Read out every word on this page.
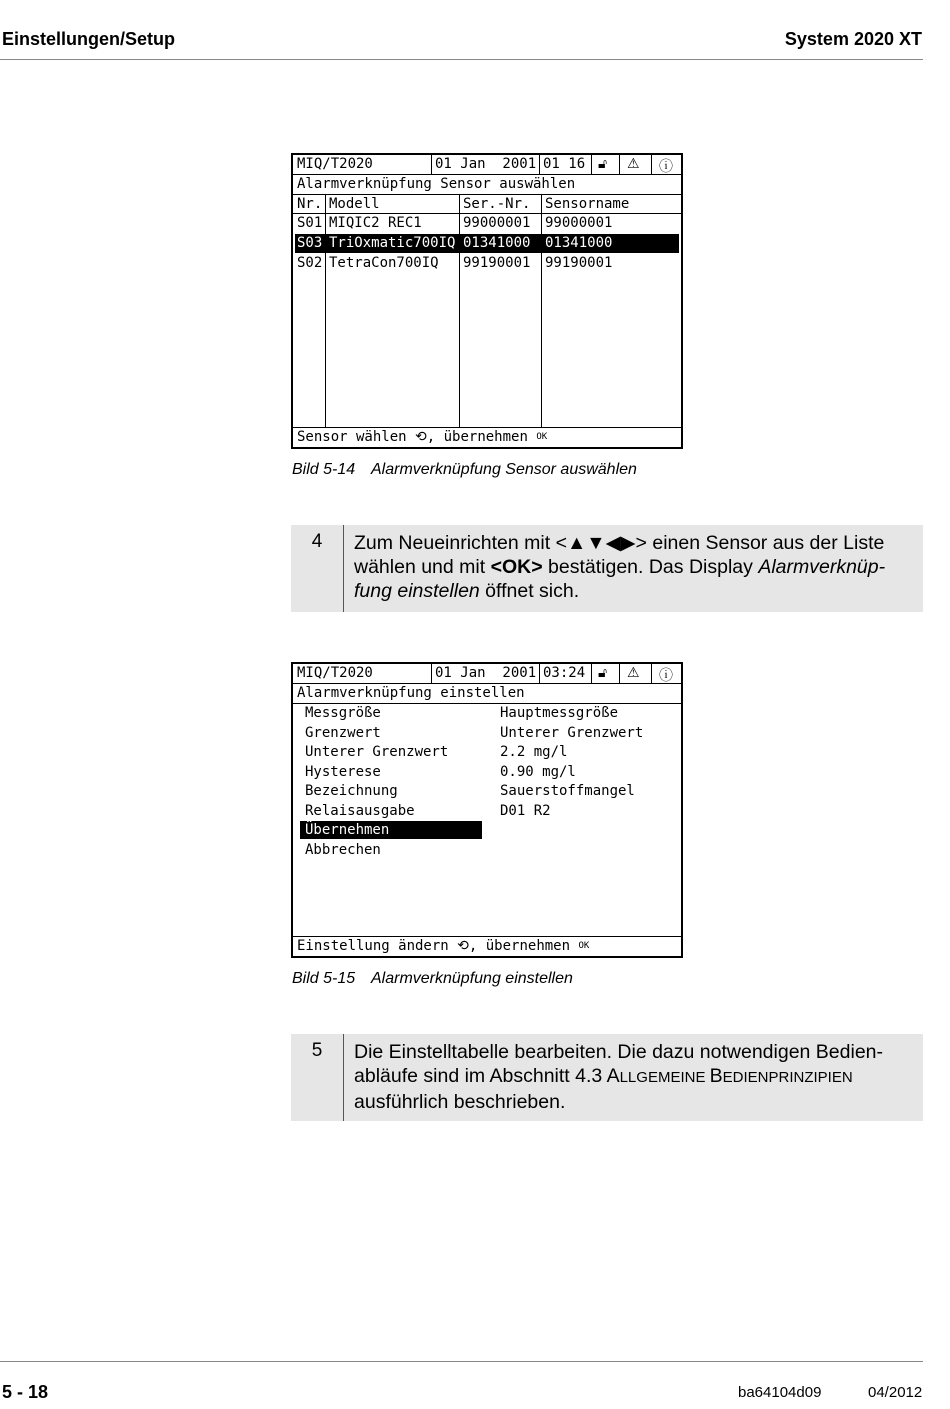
Einstellungen/Setup	System 2020 XT
MIQ/T2020	01 Jan  2001 01 16 🔓︎ ⚠ ⓘ
Alarmverknüpfung Sensor auswählen
Nr. Modell	Ser.-Nr. Sensorname
S01 MIQIC2 REC1	99000001 99000001
S03 TriOxmatic700IQ 01341000 01341000
S02 TetraCon700IQ 99190001 99190001
Sensor wählen ⟲, übernehmen $^{OK}$
Bild 5-14 Alarmverknüpfung Sensor auswählen
4	Zum Neueinrichten mit <▲▼◀▶> einen Sensor aus der Liste wählen und mit <OK> bestätigen. Das Display Alarmverknüp-fung einstellen öffnet sich.
MIQ/T2020	01 Jan  2001 03:24 🔓︎ ⚠ ⓘ
Alarmverknüpfung einstellen
Messgröße	Hauptmessgröße
Grenzwert	Unterer Grenzwert
Unterer Grenzwert	2.2 mg/l
Hysterese	0.90 mg/l
Bezeichnung	Sauerstoffmangel
Relaisausgabe	D01 R2
Übernehmen
Abbrechen
Einstellung ändern ⟲, übernehmen $^{OK}$
Bild 5-15 Alarmverknüpfung einstellen
5	Die Einstelltabelle bearbeiten. Die dazu notwendigen Bedien-abläufe sind im Abschnitt 4.3 ALLGEMEINE BEDIENPRINZIPIEN ausführlich beschrieben.
5 - 18	ba64104d09	04/2012
